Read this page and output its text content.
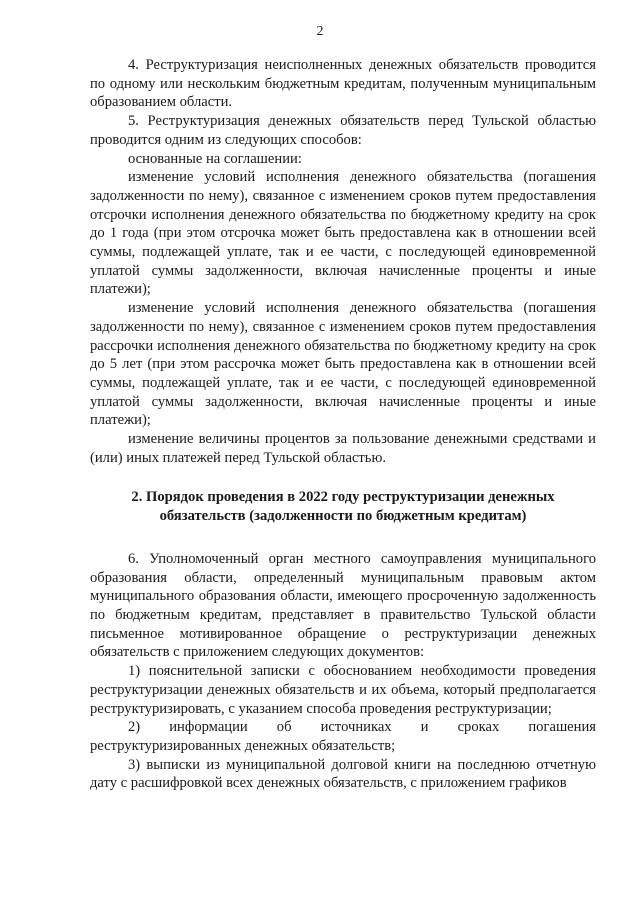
2

4. Реструктуризация неисполненных денежных обязательств проводится по одному или нескольким бюджетным кредитам, полученным муниципальным образованием области.

5. Реструктуризация денежных обязательств перед Тульской областью проводится одним из следующих способов:

основанные на соглашении:

изменение условий исполнения денежного обязательства (погашения задолженности по нему), связанное с изменением сроков путем предоставления отсрочки исполнения денежного обязательства по бюджетному кредиту на срок до 1 года (при этом отсрочка может быть предоставлена как в отношении всей суммы, подлежащей уплате, так и ее части, с последующей единовременной уплатой суммы задолженности, включая начисленные проценты и иные платежи);

изменение условий исполнения денежного обязательства (погашения задолженности по нему), связанное с изменением сроков путем предоставления рассрочки исполнения денежного обязательства по бюджетному кредиту на срок до 5 лет (при этом рассрочка может быть предоставлена как в отношении всей суммы, подлежащей уплате, так и ее части, с последующей единовременной уплатой суммы задолженности, включая начисленные проценты и иные платежи);

изменение величины процентов за пользование денежными средствами и (или) иных платежей перед Тульской областью.

2. Порядок проведения в 2022 году реструктуризации денежных
обязательств (задолженности по бюджетным кредитам)

6. Уполномоченный орган местного самоуправления муниципального образования области, определенный муниципальным правовым актом муниципального образования области, имеющего просроченную задолженность по бюджетным кредитам, представляет в правительство Тульской области письменное мотивированное обращение о реструктуризации денежных обязательств с приложением следующих документов:

1) пояснительной записки с обоснованием необходимости проведения реструктуризации денежных обязательств и их объема, который предполагается реструктуризировать, с указанием способа проведения реструктуризации;

2) информации об источниках и сроках погашения реструктуризированных денежных обязательств;

3) выписки из муниципальной долговой книги на последнюю отчетную дату с расшифровкой всех денежных обязательств, с приложением графиков
